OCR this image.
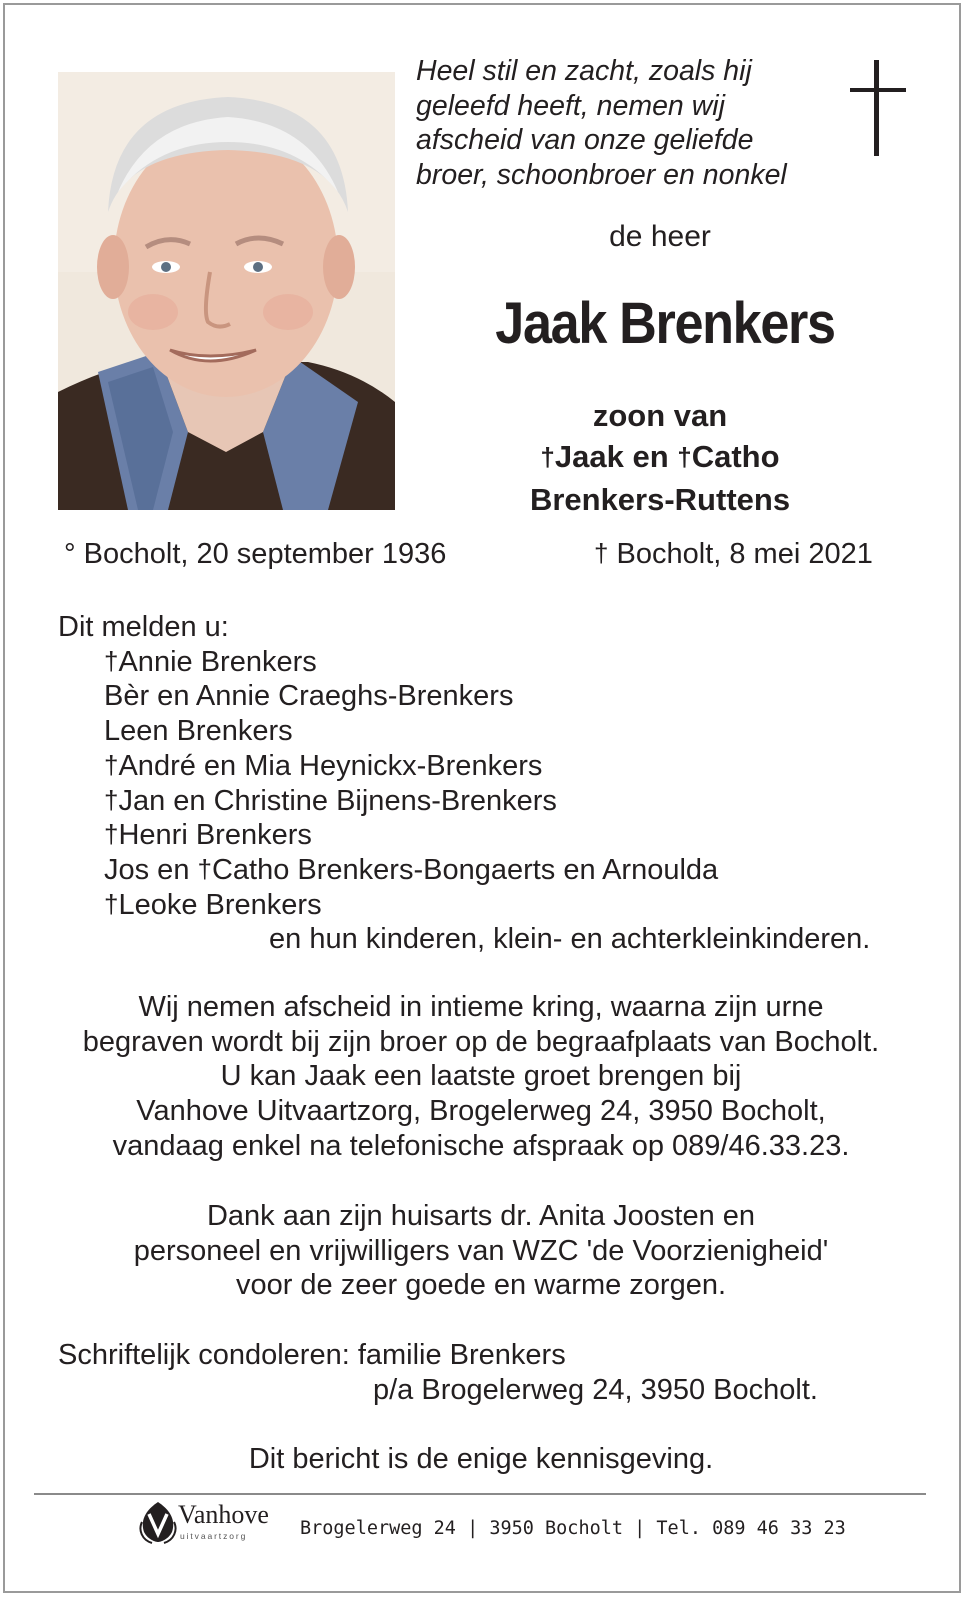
Heel stil en zacht, zoals hij
geleefd heeft, nemen wij
afscheid van onze geliefde
broer, schoonbroer en nonkel
de heer
Jaak Brenkers
zoon van
†Jaak en †Catho
Brenkers-Ruttens
° Bocholt, 20 september 1936	† Bocholt, 8 mei 2021
Dit melden u:
†Annie Brenkers
Bèr en Annie Craeghs-Brenkers
Leen Brenkers
†André en Mia Heynickx-Brenkers
†Jan en Christine Bijnens-Brenkers
†Henri Brenkers
Jos en †Catho Brenkers-Bongaerts en Arnoulda
†Leoke Brenkers
en hun kinderen, klein- en achterkleinkinderen.
Wij nemen afscheid in intieme kring, waarna zijn urne
begraven wordt bij zijn broer op de begraafplaats van Bocholt.
U kan Jaak een laatste groet brengen bij
Vanhove Uitvaartzorg, Brogelerweg 24, 3950 Bocholt,
vandaag enkel na telefonische afspraak op 089/46.33.23.
Dank aan zijn huisarts dr. Anita Joosten en
personeel en vrijwilligers van WZC 'de Voorzienigheid'
voor de zeer goede en warme zorgen.
Schriftelijk condoleren: familie Brenkers
p/a Brogelerweg 24, 3950 Bocholt.
Dit bericht is de enige kennisgeving.
Vanhove
uitvaartzorg	Brogelerweg 24 | 3950 Bocholt | Tel. 089 46 33 23
